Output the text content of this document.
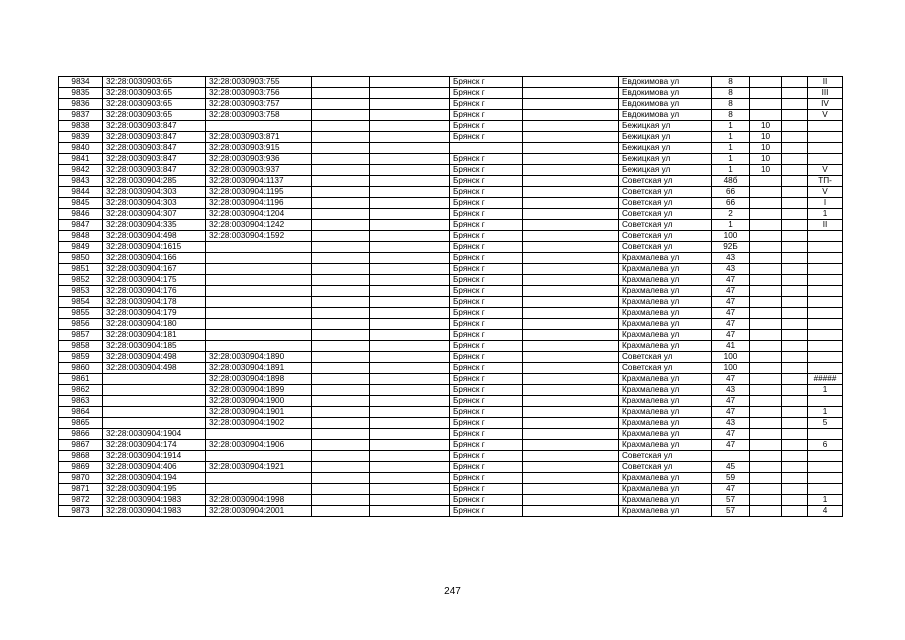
9834	32:28:0030903:65	32:28:0030903:755			Брянск г		Евдокимова ул	8			II
9835	32:28:0030903:65	32:28:0030903:756			Брянск г		Евдокимова ул	8			III
9836	32:28:0030903:65	32:28:0030903:757			Брянск г		Евдокимова ул	8			IV
9837	32:28:0030903:65	32:28:0030903:758			Брянск г		Евдокимова ул	8			V
9838	32:28:0030903:847				Брянск г		Бежицкая ул	1	10		
9839	32:28:0030903:847	32:28:0030903:871			Брянск г		Бежицкая ул	1	10		
9840	32:28:0030903:847	32:28:0030903:915					Бежицкая ул	1	10		
9841	32:28:0030903:847	32:28:0030903:936			Брянск г		Бежицкая ул	1	10		
9842	32:28:0030903:847	32:28:0030903:937			Брянск г		Бежицкая ул	1	10		V
9843	32:28:0030904:285	32:28:0030904:1137			Брянск г		Советская ул	48б			ТП-
9844	32:28:0030904:303	32:28:0030904:1195			Брянск г		Советская ул	66			V
9845	32:28:0030904:303	32:28:0030904:1196			Брянск г		Советская ул	66			I
9846	32:28:0030904:307	32:28:0030904:1204			Брянск г		Советская ул	2			1
9847	32:28:0030904:335	32:28:0030904:1242			Брянск г		Советская ул	1			II
9848	32:28:0030904:498	32:28:0030904:1592			Брянск г		Советская ул	100			
9849	32:28:0030904:1615				Брянск г		Советская ул	92Б			
9850	32:28:0030904:166				Брянск г		Крахмалева ул	43			
9851	32:28:0030904:167				Брянск г		Крахмалева ул	43			
9852	32:28:0030904:175				Брянск г		Крахмалева ул	47			
9853	32:28:0030904:176				Брянск г		Крахмалева ул	47			
9854	32:28:0030904:178				Брянск г		Крахмалева ул	47			
9855	32:28:0030904:179				Брянск г		Крахмалева ул	47			
9856	32:28:0030904:180				Брянск г		Крахмалева ул	47			
9857	32:28:0030904:181				Брянск г		Крахмалева ул	47			
9858	32:28:0030904:185				Брянск г		Крахмалева ул	41			
9859	32:28:0030904:498	32:28:0030904:1890			Брянск г		Советская ул	100			
9860	32:28:0030904:498	32:28:0030904:1891			Брянск г		Советская ул	100			
9861		32:28:0030904:1898			Брянск г		Крахмалева ул	47			#####
9862		32:28:0030904:1899			Брянск г		Крахмалева ул	43			1
9863		32:28:0030904:1900			Брянск г		Крахмалева ул	47			
9864		32:28:0030904:1901			Брянск г		Крахмалева ул	47			1
9865		32:28:0030904:1902			Брянск г		Крахмалева ул	43			5
9866	32:28:0030904:1904				Брянск г		Крахмалева ул	47			
9867	32:28:0030904:174	32:28:0030904:1906			Брянск г		Крахмалева ул	47			6
9868	32:28:0030904:1914				Брянск г		Советская ул				
9869	32:28:0030904:406	32:28:0030904:1921			Брянск г		Советская ул	45			
9870	32:28:0030904:194				Брянск г		Крахмалева ул	59			
9871	32:28:0030904:195				Брянск г		Крахмалева ул	47			
9872	32:28:0030904:1983	32:28:0030904:1998			Брянск г		Крахмалева ул	57			1
9873	32:28:0030904:1983	32:28:0030904:2001			Брянск г		Крахмалева ул	57			4
247
